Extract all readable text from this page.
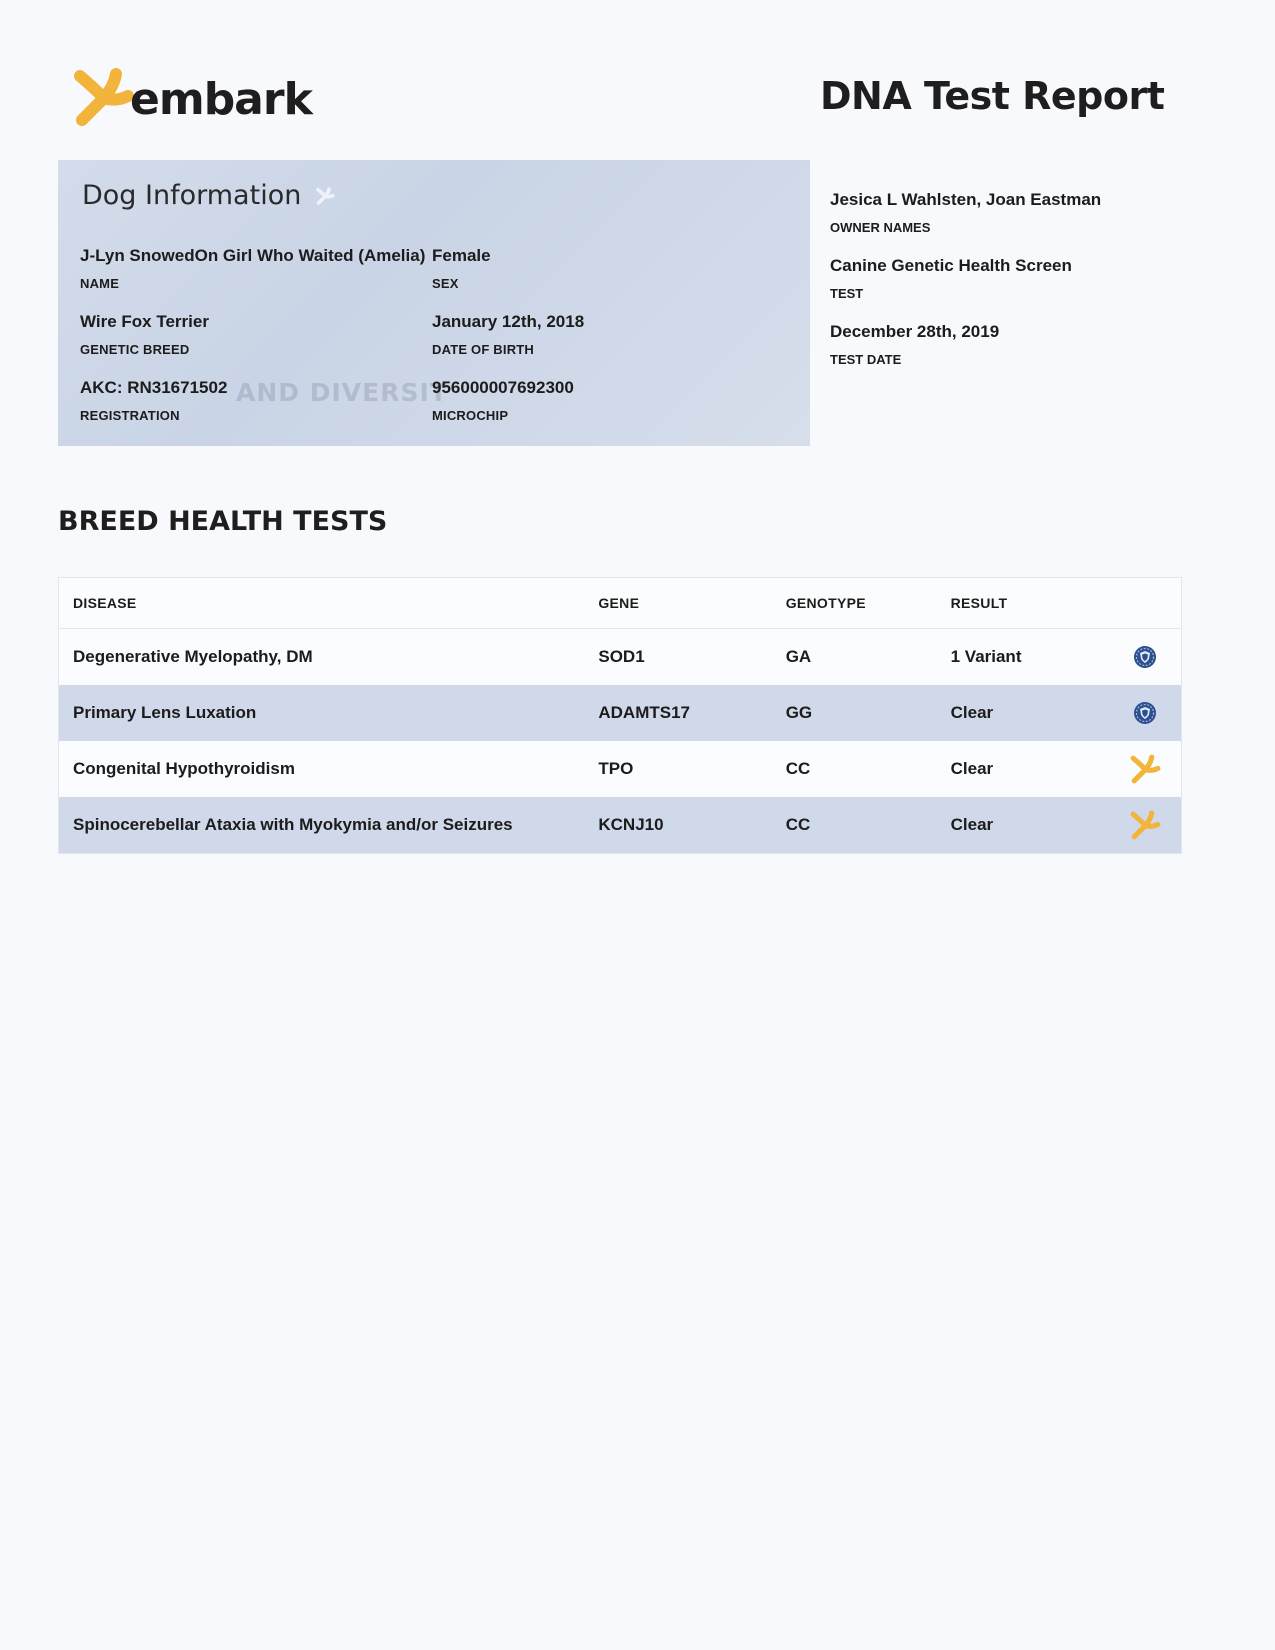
embark	DNA Test Report
Dog Information
AND DIVERSIT
J-Lyn SnowedOn Girl Who Waited (Amelia)
NAME
Female
SEX
Wire Fox Terrier
GENETIC BREED
January 12th, 2018
DATE OF BIRTH
AKC: RN31671502
REGISTRATION
956000007692300
MICROCHIP
Jesica L Wahlsten, Joan Eastman
OWNER NAMES
Canine Genetic Health Screen
TEST
December 28th, 2019
TEST DATE
BREED HEALTH TESTS
DISEASE	GENE	GENOTYPE	RESULT	
Degenerative Myelopathy, DM	SOD1	GA	1 Variant	
Primary Lens Luxation	ADAMTS17	GG	Clear	
Congenital Hypothyroidism	TPO	CC	Clear	
Spinocerebellar Ataxia with Myokymia and/or Seizures	KCNJ10	CC	Clear	
